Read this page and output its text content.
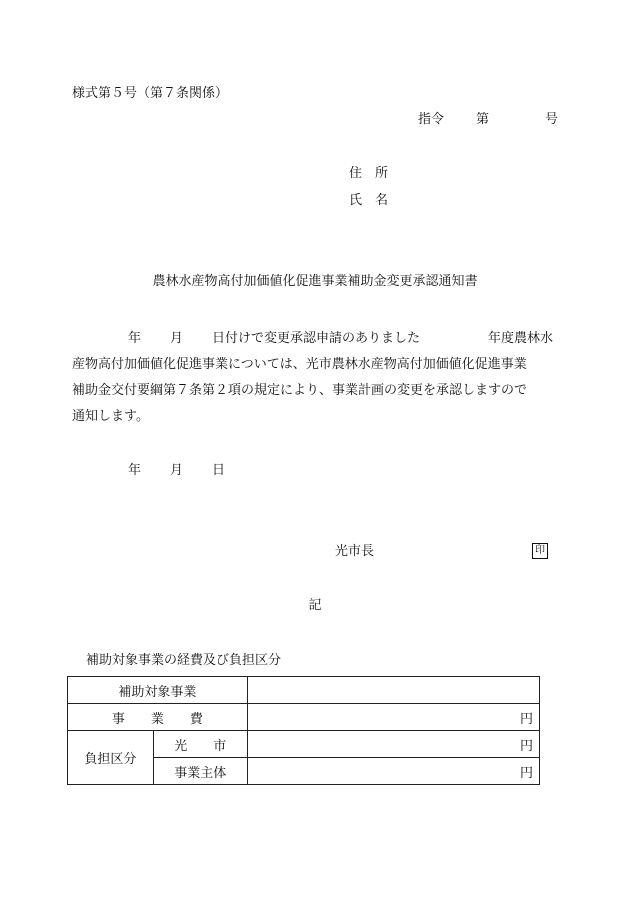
様式第５号（第７条関係）
指令 第	号
住　所
氏　名
農林水産物高付加価値化促進事業補助金変更承認通知書

年 月 日付けで変更承認申請のありました	年度農林水

産物高付加価値化促進事業については、光市農林水産物高付加価値化促進事業

補助金交付要綱第７条第２項の規定により、事業計画の変更を承認しますので

通知します。

年 月 日
光市長	印
記
補助対象事業の経費及び負担区分
補助対象事業		
事　　業　　費		円
負担区分	光　　市	円
	事業主体	円
